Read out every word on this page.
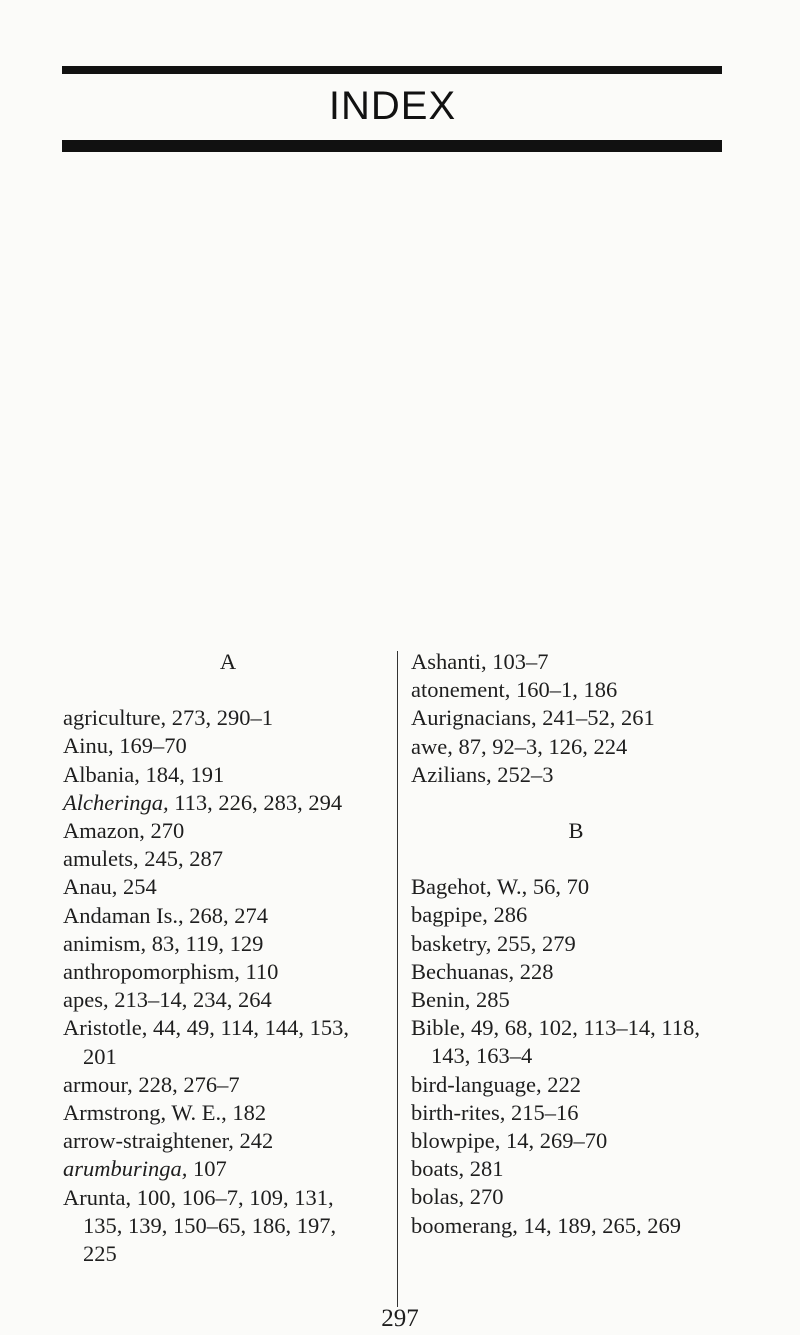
INDEX
A
agriculture, 273, 290–1
Ainu, 169–70
Albania, 184, 191
Alcheringa, 113, 226, 283, 294
Amazon, 270
amulets, 245, 287
Anau, 254
Andaman Is., 268, 274
animism, 83, 119, 129
anthropomorphism, 110
apes, 213–14, 234, 264
Aristotle, 44, 49, 114, 144, 153,
201
armour, 228, 276–7
Armstrong, W. E., 182
arrow-straightener, 242
arumburinga, 107
Arunta, 100, 106–7, 109, 131,
135, 139, 150–65, 186, 197,
225
Ashanti, 103–7
atonement, 160–1, 186
Aurignacians, 241–52, 261
awe, 87, 92–3, 126, 224
Azilians, 252–3
B
Bagehot, W., 56, 70
bagpipe, 286
basketry, 255, 279
Bechuanas, 228
Benin, 285
Bible, 49, 68, 102, 113–14, 118,
143, 163–4
bird-language, 222
birth-rites, 215–16
blowpipe, 14, 269–70
boats, 281
bolas, 270
boomerang, 14, 189, 265, 269
297
